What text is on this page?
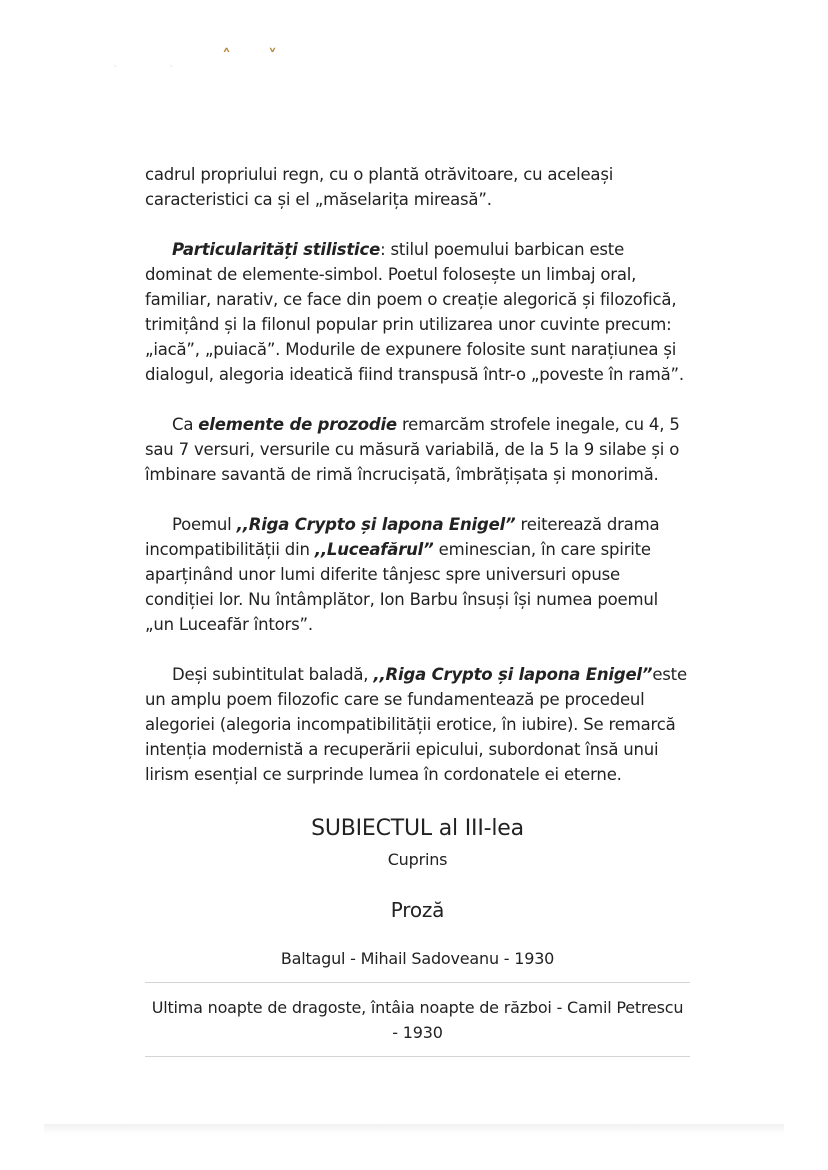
·	·	˄ ˅

cadrul propriului regn, cu o plantă otrăvitoare, cu aceleași caracteristici ca și el „măselarița mireasă”.

Particularități stilistice: stilul poemului barbican este dominat de elemente-simbol. Poetul folosește un limbaj oral, familiar, narativ, ce face din poem o creație alegorică și filozofică, trimițând și la filonul popular prin utilizarea unor cuvinte precum: „iacă”, „puiacă”. Modurile de expunere folosite sunt narațiunea și dialogul, alegoria ideatică fiind transpusă într-o „poveste în ramă”.

Ca elemente de prozodie remarcăm strofele inegale, cu 4, 5 sau 7 versuri, versurile cu măsură variabilă, de la 5 la 9 silabe și o îmbinare savantă de rimă încrucișată, îmbrățișata și monorimă.

Poemul ,,Riga Crypto și lapona Enigel” reiterează drama incompatibilității din ,,Luceafărul” eminescian, în care spirite aparținând unor lumi diferite tânjesc spre universuri opuse condiției lor. Nu întâmplător, Ion Barbu însuși își numea poemul „un Luceafăr întors”.

Deși subintitulat baladă, ,,Riga Crypto și lapona Enigel”este un amplu poem filozofic care se fundamentează pe procedeul alegoriei (alegoria incompatibilității erotice, în iubire). Se remarcă intenția modernistă a recuperării epicului, subordonat însă unui lirism esențial ce surprinde lumea în cordonatele ei eterne.

SUBIECTUL al III-lea
Cuprins
Proză
Baltagul - Mihail Sadoveanu - 1930
Ultima noapte de dragoste, întâia noapte de război - Camil Petrescu - 1930
